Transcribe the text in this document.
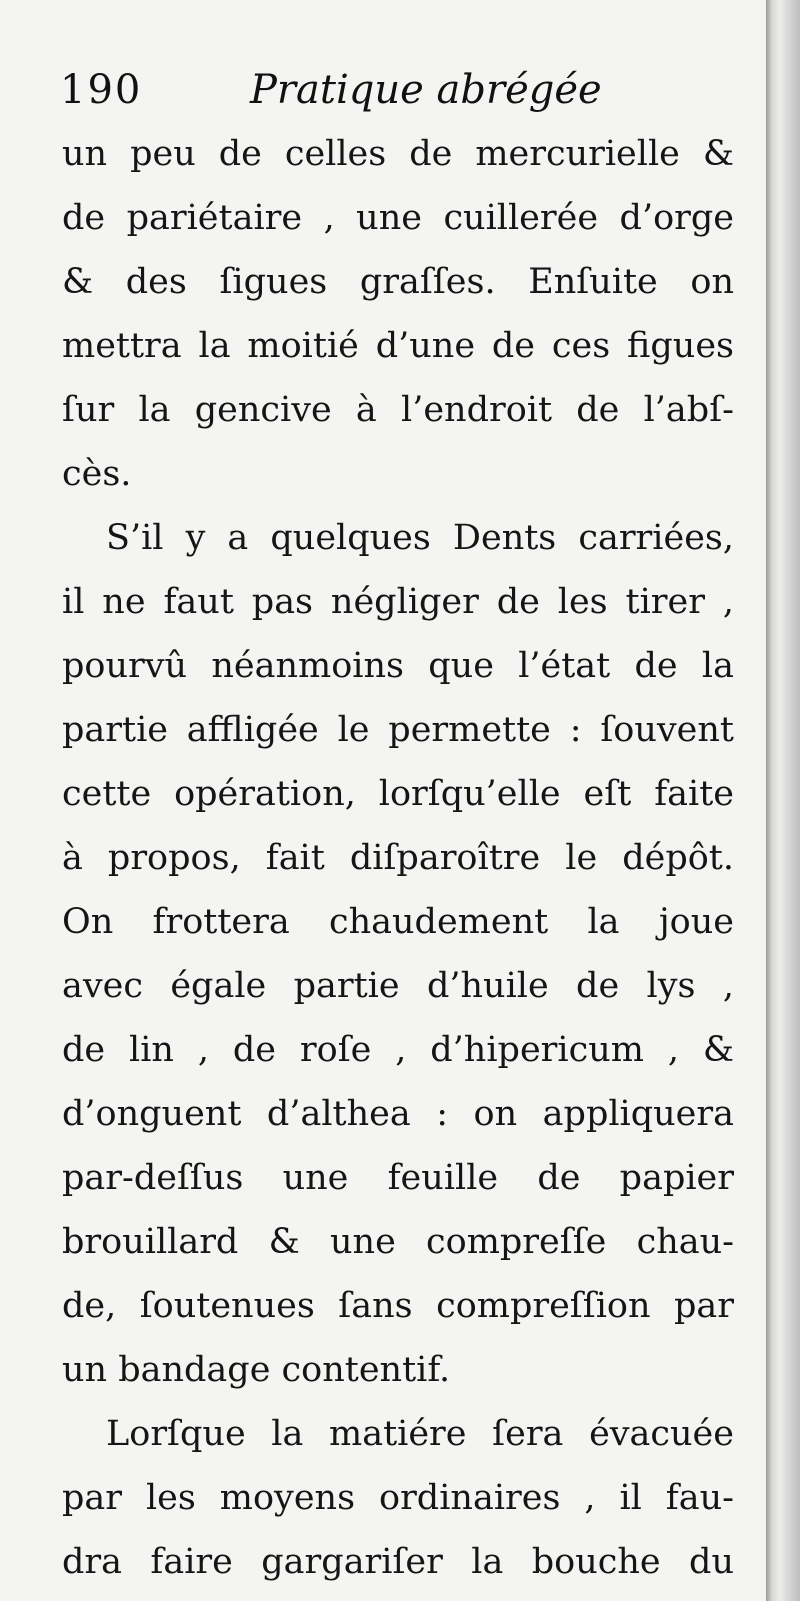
190	Pratique abrégée
un peu de celles de mercurielle &
de pariétaire , une cuillerée d’orge
& des ſigues graſſes. Enſuite on
mettra la moitié d’une de ces figues
ſur la gencive à l’endroit de l’abſ-
cès.
S’il y a quelques Dents carriées,
il ne faut pas négliger de les tirer ,
pourvû néanmoins que l’état de la
partie affligée le permette : ſouvent
cette opération, lorſqu’elle eſt faite
à propos, fait diſparoître le dépôt.
On frottera chaudement la joue
avec égale partie d’huile de lys ,
de lin , de roſe , d’hipericum , &
d’onguent d’althea : on appliquera
par-deſſus une feuille de papier
brouillard & une compreſſe chau-
de, ſoutenues ſans compreſſion par
un bandage contentif.
Lorſque la matiére ſera évacuée
par les moyens ordinaires , il fau-
dra faire gargariſer la bouche du
